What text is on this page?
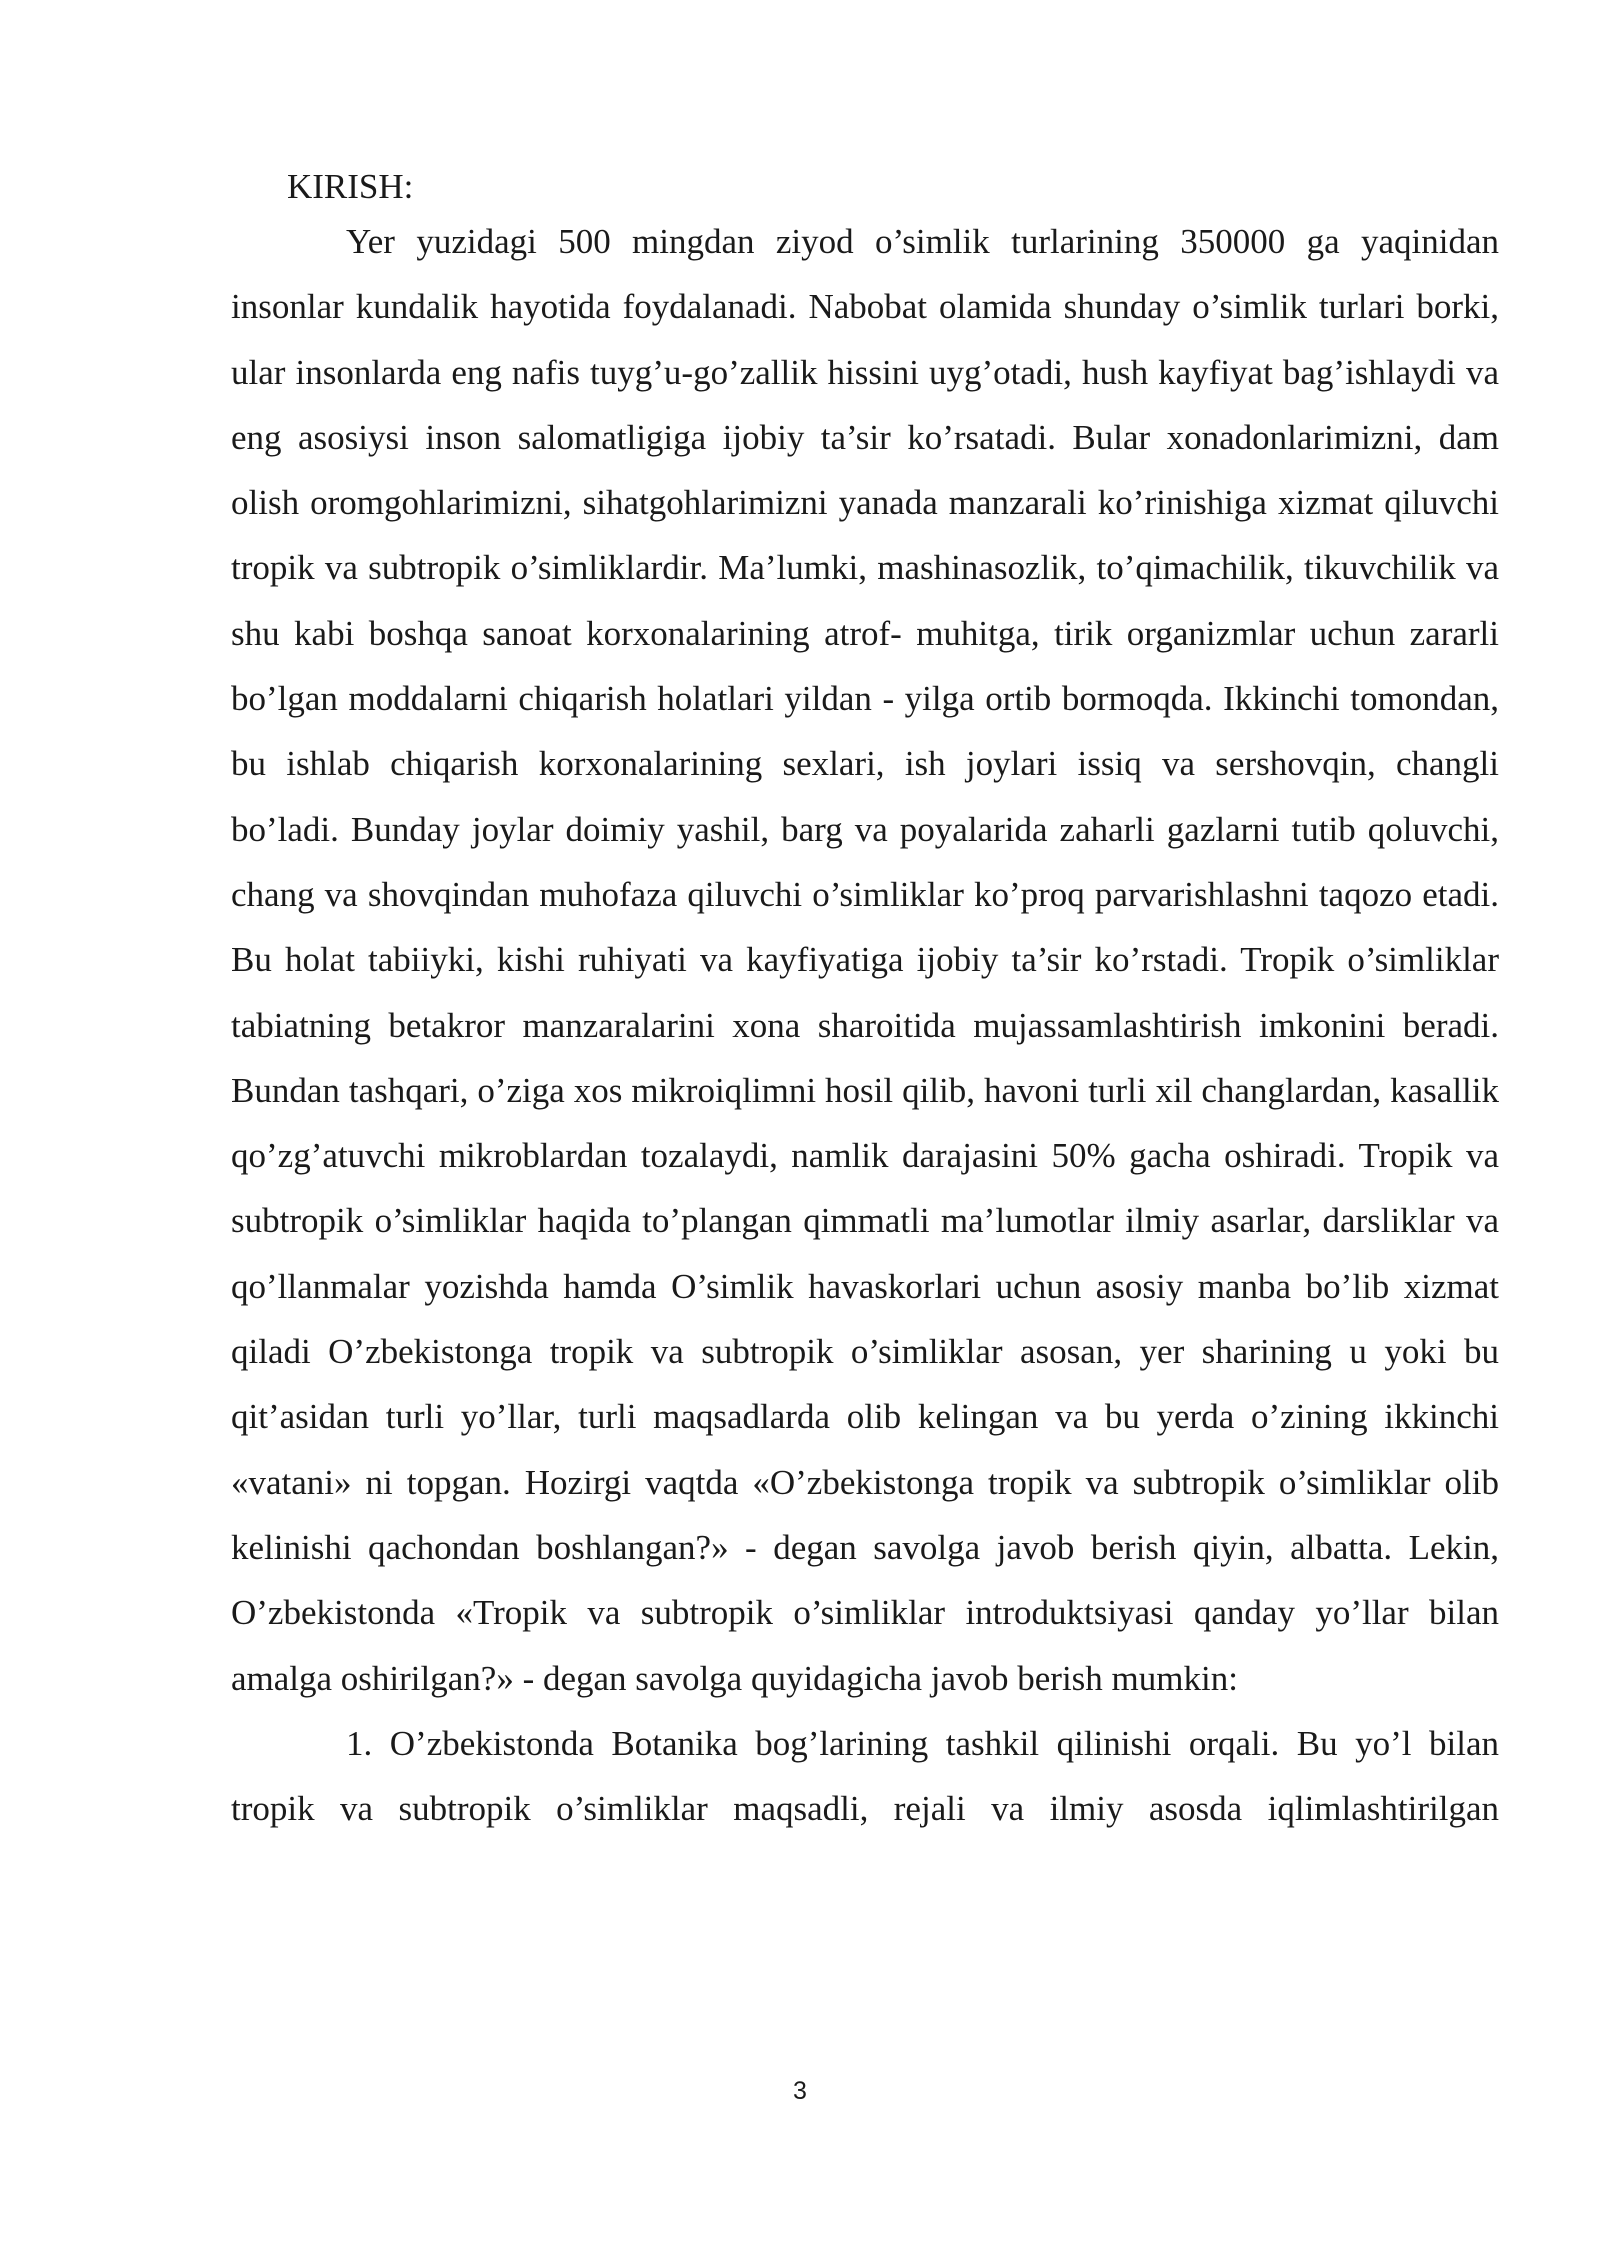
KIRISH:

Yer yuzidagi 500 mingdan ziyod o’simlik turlarining 350000 ga yaqinidan insonlar kundalik hayotida foydalanadi. Nabobat olamida shunday o’simlik turlari borki, ular insonlarda eng nafis tuyg’u-go’zallik hissini uyg’otadi, hush kayfiyat bag’ishlaydi va eng asosiysi inson salomatligiga ijobiy ta’sir ko’rsatadi. Bular xonadonlarimizni, dam olish oromgohlarimizni, sihatgohlarimizni yanada manzarali ko’rinishiga xizmat qiluvchi tropik va subtropik o’simliklardir. Ma’lumki, mashinasozlik, to’qimachilik, tikuvchilik va shu kabi boshqa sanoat korxonalarining atrof- muhitga, tirik organizmlar uchun zararli bo’lgan moddalarni chiqarish holatlari yildan - yilga ortib bormoqda. Ikkinchi tomondan, bu ishlab chiqarish korxonalarining sexlari, ish joylari issiq va sershovqin, changli bo’ladi. Bunday joylar doimiy yashil, barg va poyalarida zaharli gazlarni tutib qoluvchi, chang va shovqindan muhofaza qiluvchi o’simliklar ko’proq parvarishlashni taqozo etadi. Bu holat tabiiyki, kishi ruhiyati va kayfiyatiga ijobiy ta’sir ko’rstadi. Tropik o’simliklar tabiatning betakror manzaralarini xona sharoitida mujassamlashtirish imkonini beradi. Bundan tashqari, o’ziga xos mikroiqlimni hosil qilib, havoni turli xil changlardan, kasallik qo’zg’atuvchi mikroblardan tozalaydi, namlik darajasini 50% gacha oshiradi. Tropik va subtropik o’simliklar haqida to’plangan qimmatli ma’lumotlar ilmiy asarlar, darsliklar va qo’llanmalar yozishda hamda O’simlik havaskorlari uchun asosiy manba bo’lib xizmat qiladi O’zbekistonga tropik va subtropik o’simliklar asosan, yer sharining u yoki bu qit’asidan turli yo’llar, turli maqsadlarda olib kelingan va bu yerda o’zining ikkinchi «vatani» ni topgan. Hozirgi vaqtda «O’zbekistonga tropik va subtropik o’simliklar olib kelinishi qachondan boshlangan?» - degan savolga javob berish qiyin, albatta. Lekin, O’zbekistonda «Tropik va subtropik o’simliklar introduktsiyasi qanday yo’llar bilan amalga oshirilgan?» - degan savolga quyidagicha javob berish mumkin:

1. O’zbekistonda Botanika bog’larining tashkil qilinishi orqali. Bu yo’l bilan tropik va subtropik o’simliklar maqsadli, rejali va ilmiy asosda iqlimlashtirilgan

3
